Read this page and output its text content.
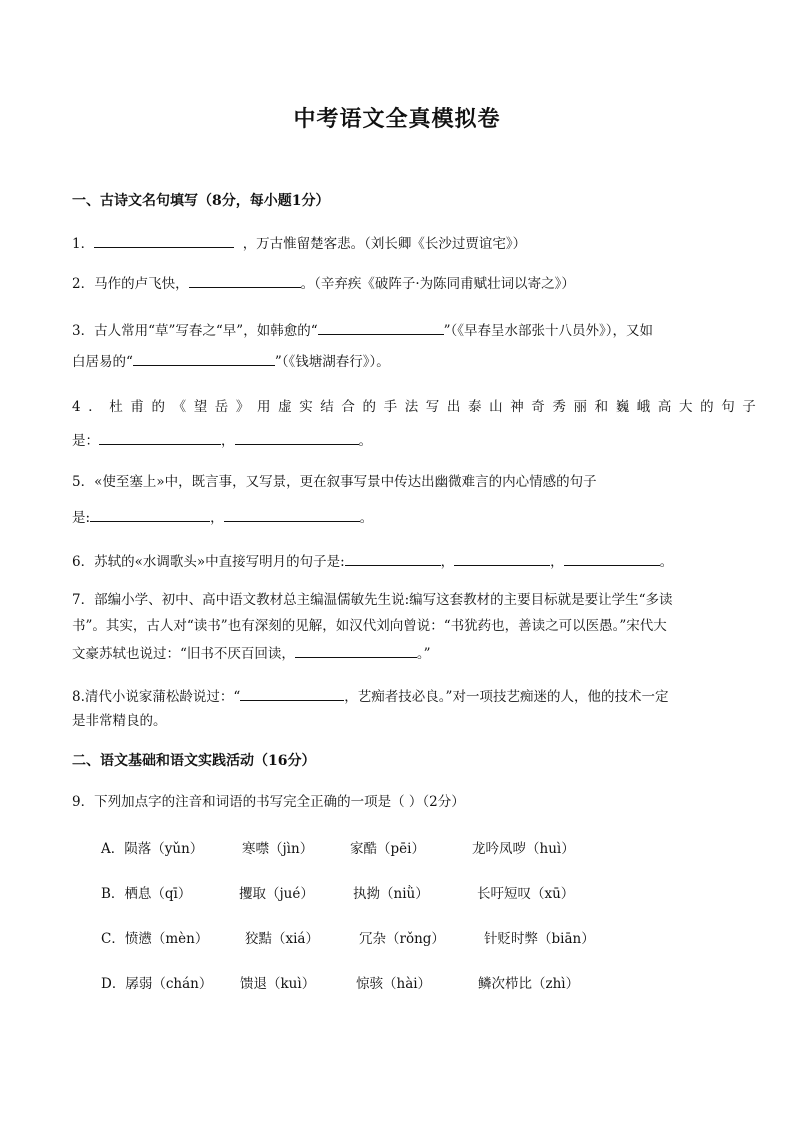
中考语文全真模拟卷
一、古诗文名句填写（8分，每小题1分）
1．	，万古惟留楚客悲。（刘长卿《长沙过贾谊宅》）
2．马作的卢飞快，	。（辛弃疾《破阵子·为陈同甫赋壮词以寄之》）
3．古人常用“草”写春之“早”，如韩愈的“	”（《早春呈水部张十八员外》），又如
白居易的“	”（《钱塘湖春行》）。
4．杜甫的《望岳》用虚实结合的手法写出泰山神奇秀丽和巍峨高大的句子
是：	，	。
5．«使至塞上»中，既言事，又写景，更在叙事写景中传达出幽微难言的内心情感的句子
是:	，	。
6．苏轼的«水调歌头»中直接写明月的句子是:	，	，	。
7．部编小学、初中、高中语文教材总主编温儒敏先生说:编写这套教材的主要目标就是要让学生“多读
书”。其实，古人对“读书”也有深刻的见解，如汉代刘向曾说：“书犹药也，善读之可以医愚。”宋代大
文豪苏轼也说过：“旧书不厌百回读，	。”
8.清代小说家蒲松龄说过：“	，艺痴者技必良。”对一项技艺痴迷的人，他的技术一定
是非常精良的。
二、语文基础和语文实践活动（16分）
9．下列加点字的注音和词语的书写完全正确的一项是（ ）（2分）
A．陨落（yǔn）	寒噤（jìn）	家酷（pēi）	龙吟凤哕（huì）
B．栖息（qī）	攫取（jué）	执拗（niǜ）	长吁短叹（xū）
C．愤懑（mèn）	狡黠（xiá）	冗杂（rǒng）	针贬时弊（biān）
D．孱弱（chán） 馈退（kuì）	惊骇（hài）	鳞次栉比（zhì）
